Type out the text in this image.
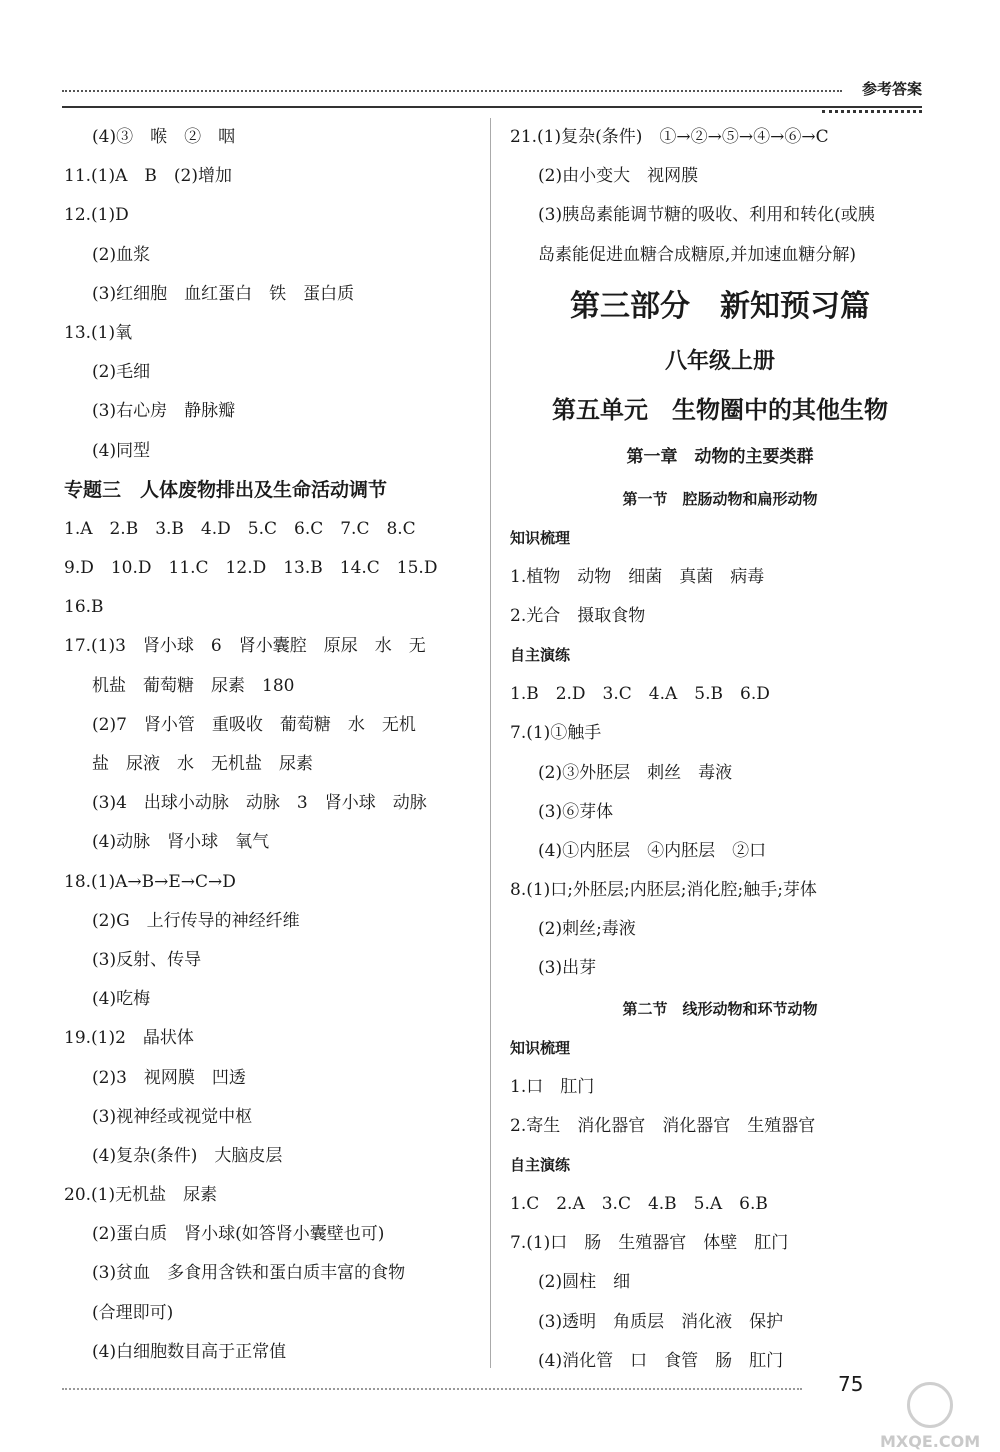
参考答案
(4)③　喉　②　咽
11.(1)A　B　(2)增加
12.(1)D
(2)血浆
(3)红细胞　血红蛋白　铁　蛋白质
13.(1)氧
(2)毛细
(3)右心房　静脉瓣
(4)同型
专题三　人体废物排出及生命活动调节
1.A　2.B　3.B　4.D　5.C　6.C　7.C　8.C
9.D　10.D　11.C　12.D　13.B　14.C　15.D
16.B
17.(1)3　肾小球　6　肾小囊腔　原尿　水　无
机盐　葡萄糖　尿素　180
(2)7　肾小管　重吸收　葡萄糖　水　无机
盐　尿液　水　无机盐　尿素
(3)4　出球小动脉　动脉　3　肾小球　动脉
(4)动脉　肾小球　氧气
18.(1)A→B→E→C→D
(2)G　上行传导的神经纤维
(3)反射、传导
(4)吃梅
19.(1)2　晶状体
(2)3　视网膜　凹透
(3)视神经或视觉中枢
(4)复杂(条件)　大脑皮层
20.(1)无机盐　尿素
(2)蛋白质　肾小球(如答肾小囊壁也可)
(3)贫血　多食用含铁和蛋白质丰富的食物
(合理即可)
(4)白细胞数目高于正常值
21.(1)复杂(条件)　①→②→⑤→④→⑥→C
(2)由小变大　视网膜
(3)胰岛素能调节糖的吸收、利用和转化(或胰
岛素能促进血糖合成糖原,并加速血糖分解)
第三部分　新知预习篇
八年级上册
第五单元　生物圈中的其他生物
第一章　动物的主要类群
第一节　腔肠动物和扁形动物
知识梳理
1.植物　动物　细菌　真菌　病毒
2.光合　摄取食物
自主演练
1.B　2.D　3.C　4.A　5.B　6.D
7.(1)①触手
(2)③外胚层　刺丝　毒液
(3)⑥芽体
(4)①内胚层　④内胚层　②口
8.(1)口;外胚层;内胚层;消化腔;触手;芽体
(2)刺丝;毒液
(3)出芽
第二节　线形动物和环节动物
知识梳理
1.口　肛门
2.寄生　消化器官　消化器官　生殖器官
自主演练
1.C　2.A　3.C　4.B　5.A　6.B
7.(1)口　肠　生殖器官　体壁　肛门
(2)圆柱　细
(3)透明　角质层　消化液　保护
(4)消化管　口　食管　肠　肛门
75
MXQE.COM
